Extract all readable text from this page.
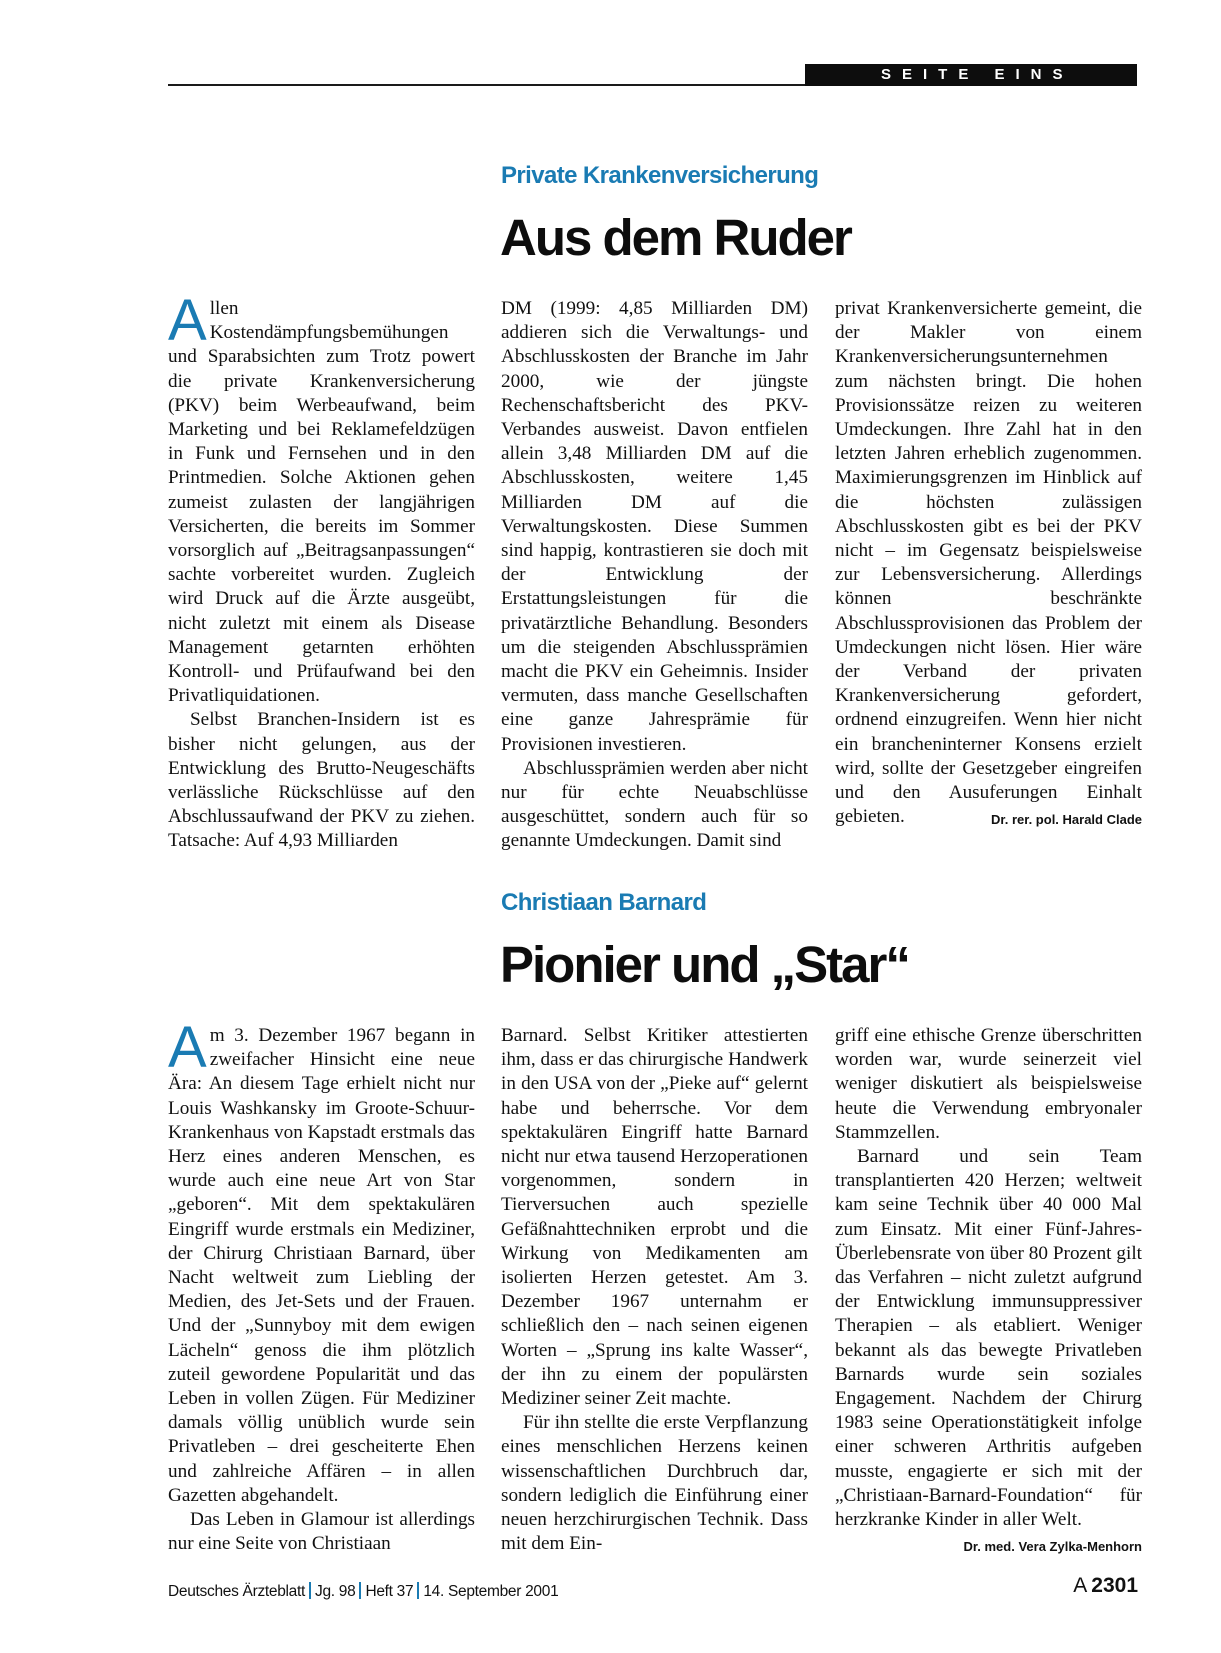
SEITE EINS
Private Krankenversicherung
Aus dem Ruder

Allen Kostendämpfungsbemühungen und Sparabsichten zum Trotz powert die private Krankenversicherung (PKV) beim Werbeaufwand, beim Marketing und bei Reklamefeldzügen in Funk und Fernsehen und in den Printmedien. Solche Aktionen gehen zumeist zulasten der langjährigen Versicherten, die bereits im Sommer vorsorglich auf „Beitragsanpassungen“ sachte vorbereitet wurden. Zugleich wird Druck auf die Ärzte ausgeübt, nicht zuletzt mit einem als Disease Management getarnten erhöhten Kontroll- und Prüfaufwand bei den Privatliquidationen.

Selbst Branchen-Insidern ist es bisher nicht gelungen, aus der Entwicklung des Brutto-Neugeschäfts verlässliche Rückschlüsse auf den Abschlussaufwand der PKV zu ziehen. Tatsache: Auf 4,93 Milliarden

DM (1999: 4,85 Milliarden DM) addieren sich die Verwaltungs- und Abschlusskosten der Branche im Jahr 2000, wie der jüngste Rechenschaftsbericht des PKV-Verbandes ausweist. Davon entfielen allein 3,48 Milliarden DM auf die Abschlusskosten, weitere 1,45 Milliarden DM auf die Verwaltungskosten. Diese Summen sind happig, kontrastieren sie doch mit der Entwicklung der Erstattungsleistungen für die privatärztliche Behandlung. Besonders um die steigenden Abschlussprämien macht die PKV ein Geheimnis. Insider vermuten, dass manche Gesellschaften eine ganze Jahresprämie für Provisionen investieren.

Abschlussprämien werden aber nicht nur für echte Neuabschlüsse ausgeschüttet, sondern auch für so genannte Umdeckungen. Damit sind

privat Krankenversicherte gemeint, die der Makler von einem Krankenversicherungsunternehmen zum nächsten bringt. Die hohen Provisionssätze reizen zu weiteren Umdeckungen. Ihre Zahl hat in den letzten Jahren erheblich zugenommen. Maximierungsgrenzen im Hinblick auf die höchsten zulässigen Abschlusskosten gibt es bei der PKV nicht – im Gegensatz beispielsweise zur Lebensversicherung. Allerdings können beschränkte Abschlussprovisionen das Problem der Umdeckungen nicht lösen. Hier wäre der Verband der privaten Krankenversicherung gefordert, ordnend einzugreifen. Wenn hier nicht ein brancheninterner Konsens erzielt wird, sollte der Gesetzgeber eingreifen und den Ausuferungen Einhalt gebieten.	Dr. rer. pol. Harald Clade

Christiaan Barnard
Pionier und „Star“

Am 3. Dezember 1967 begann in zweifacher Hinsicht eine neue Ära: An diesem Tage erhielt nicht nur Louis Washkansky im Groote-Schuur-Krankenhaus von Kapstadt erstmals das Herz eines anderen Menschen, es wurde auch eine neue Art von Star „geboren“. Mit dem spektakulären Eingriff wurde erstmals ein Mediziner, der Chirurg Christiaan Barnard, über Nacht weltweit zum Liebling der Medien, des Jet-Sets und der Frauen. Und der „Sunnyboy mit dem ewigen Lächeln“ genoss die ihm plötzlich zuteil gewordene Popularität und das Leben in vollen Zügen. Für Mediziner damals völlig unüblich wurde sein Privatleben – drei gescheiterte Ehen und zahlreiche Affären – in allen Gazetten abgehandelt.

Das Leben in Glamour ist allerdings nur eine Seite von Christiaan

Barnard. Selbst Kritiker attestierten ihm, dass er das chirurgische Handwerk in den USA von der „Pieke auf“ gelernt habe und beherrsche. Vor dem spektakulären Eingriff hatte Barnard nicht nur etwa tausend Herzoperationen vorgenommen, sondern in Tierversuchen auch spezielle Gefäßnahttechniken erprobt und die Wirkung von Medikamenten am isolierten Herzen getestet. Am 3. Dezember 1967 unternahm er schließlich den – nach seinen eigenen Worten – „Sprung ins kalte Wasser“, der ihn zu einem der populärsten Mediziner seiner Zeit machte.

Für ihn stellte die erste Verpflanzung eines menschlichen Herzens keinen wissenschaftlichen Durchbruch dar, sondern lediglich die Einführung einer neuen herzchirurgischen Technik. Dass mit dem Ein-

griff eine ethische Grenze überschritten worden war, wurde seinerzeit viel weniger diskutiert als beispielsweise heute die Verwendung embryonaler Stammzellen.

Barnard und sein Team transplantierten 420 Herzen; weltweit kam seine Technik über 40 000 Mal zum Einsatz. Mit einer Fünf-Jahres-Überlebensrate von über 80 Prozent gilt das Verfahren – nicht zuletzt aufgrund der Entwicklung immunsuppressiver Therapien – als etabliert. Weniger bekannt als das bewegte Privatleben Barnards wurde sein soziales Engagement. Nachdem der Chirurg 1983 seine Operationstätigkeit infolge einer schweren Arthritis aufgeben musste, engagierte er sich mit der „Christiaan-Barnard-Foundation“ für herzkranke Kinder in aller Welt.
Dr. med. Vera Zylka-Menhorn

Deutsches Ärzteblatt Jg. 98 Heft 37 14. September 2001	A 2301
